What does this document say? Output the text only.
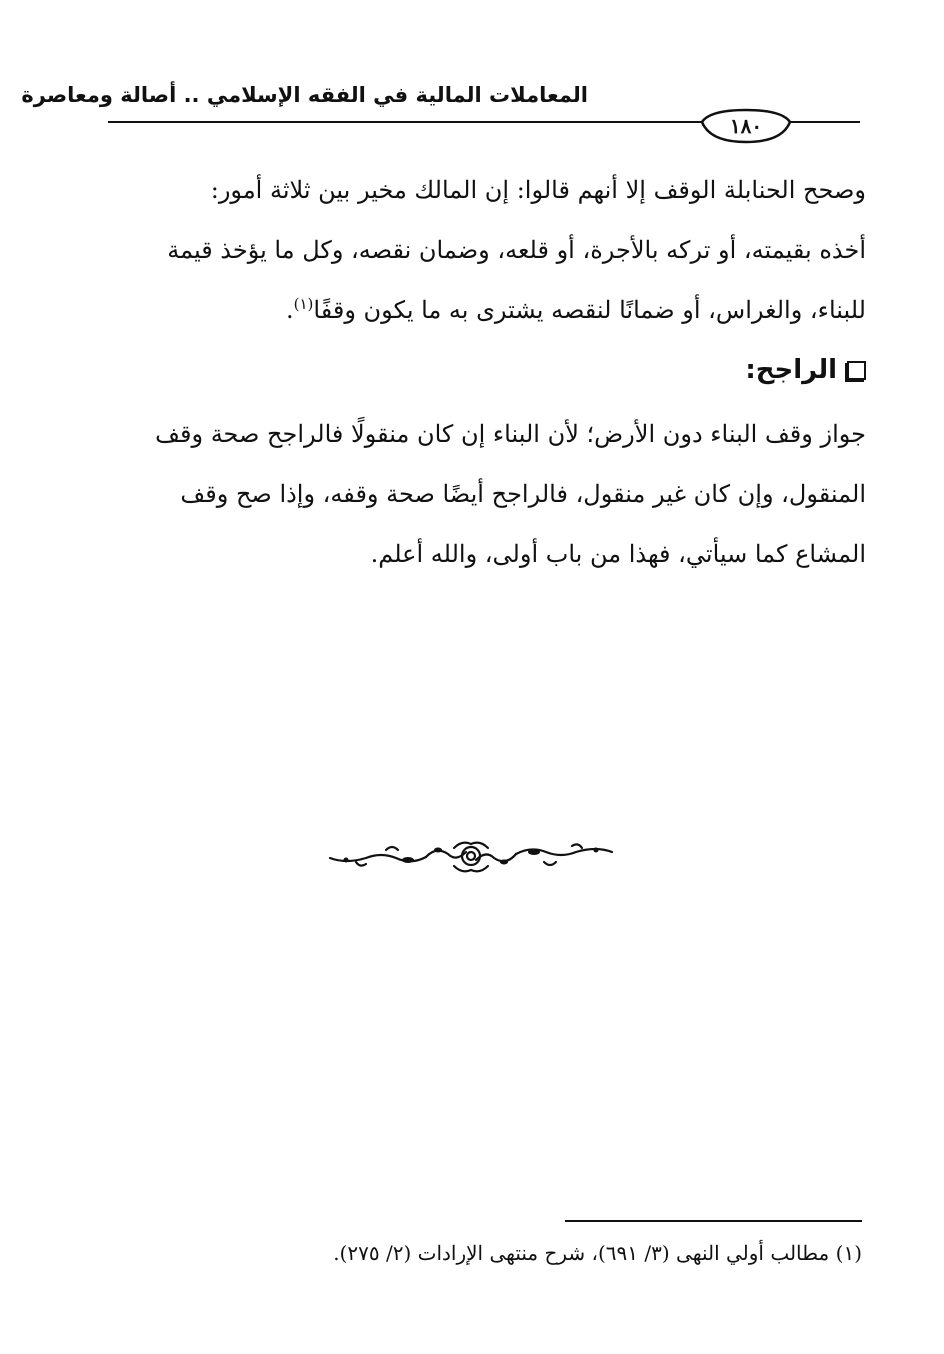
المعاملات المالية في الفقه الإسلامي .. أصالة ومعاصرة
١٨٠

وصحح الحنابلة الوقف إلا أنهم قالوا: إن المالك مخير بين ثلاثة أمور:

أخذه بقيمته، أو تركه بالأجرة، أو قلعه، وضمان نقصه، وكل ما يؤخذ قيمة

للبناء، والغراس، أو ضمانًا لنقصه يشترى به ما يكون وقفًا$^{(١)}$.

الراجح:

جواز وقف البناء دون الأرض؛ لأن البناء إن كان منقولًا فالراجح صحة وقف

المنقول، وإن كان غير منقول، فالراجح أيضًا صحة وقفه، وإذا صح وقف

المشاع كما سيأتي، فهذا من باب أولى، والله أعلم.

(١) مطالب أولي النهى (٣/ ٦٩١)، شرح منتهى الإرادات (٢/ ٢٧٥).
